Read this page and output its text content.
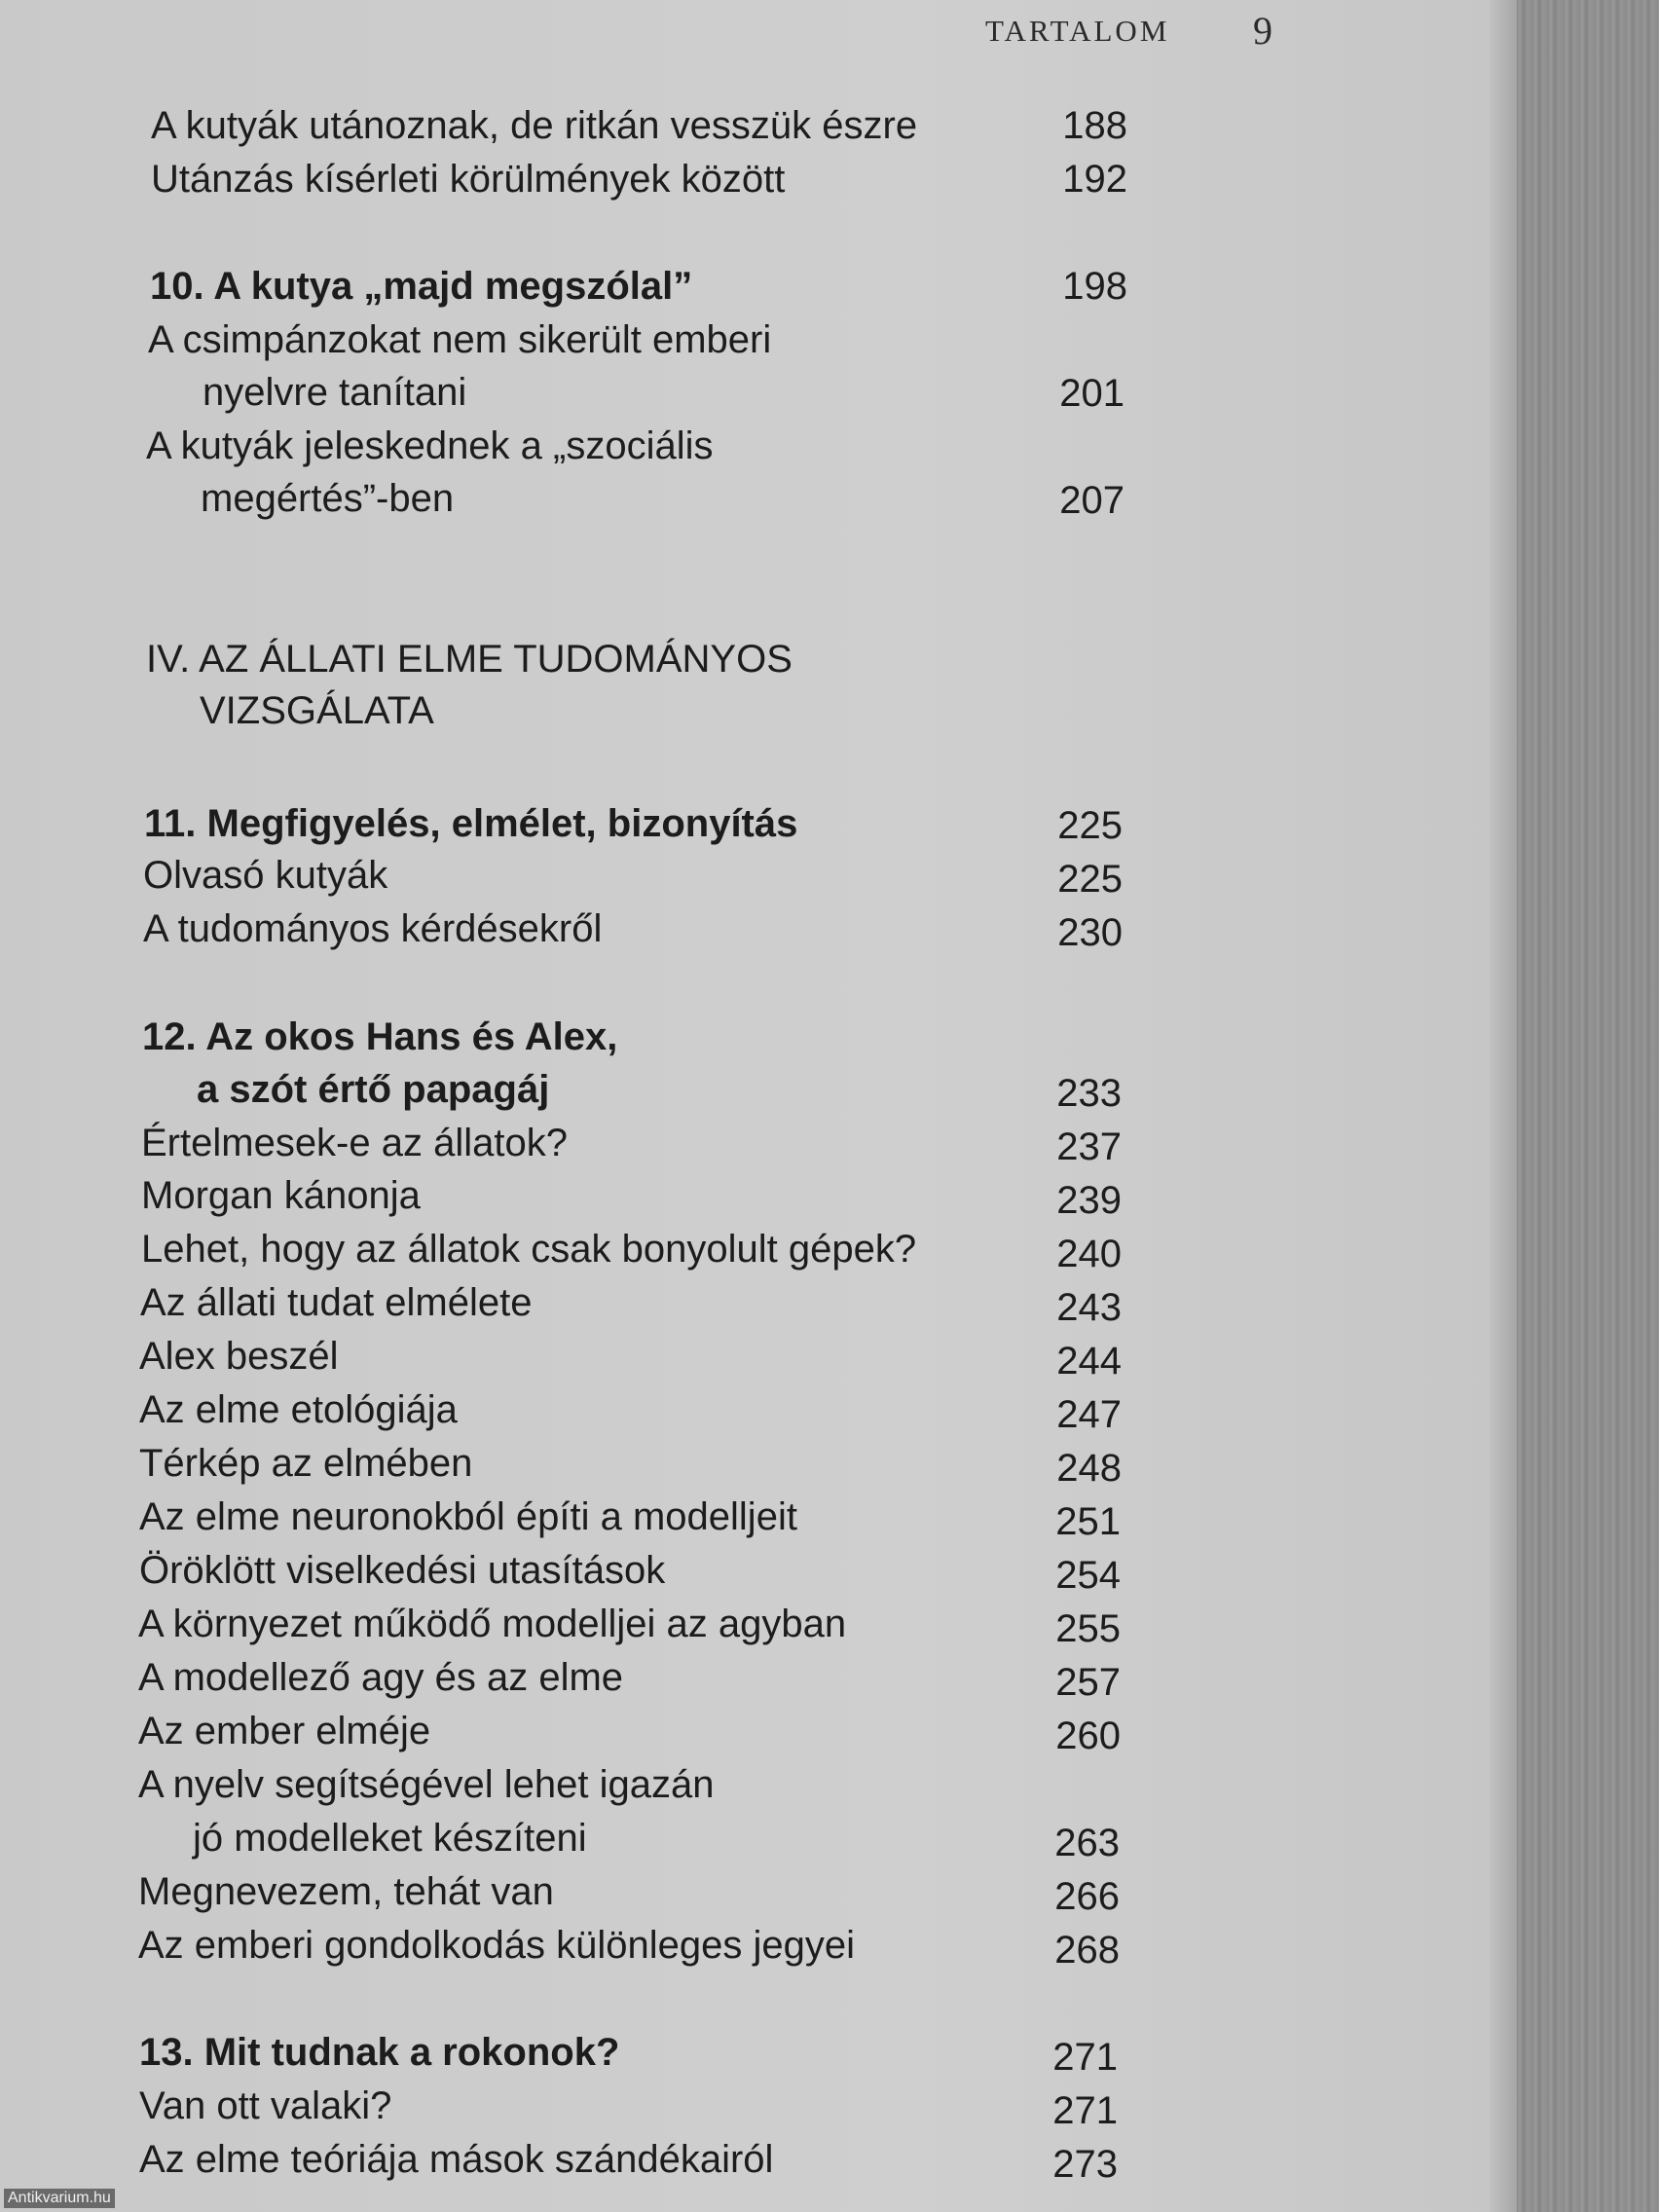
TARTALOM 9
A kutyák utánoznak, de ritkán vesszük észre	188
Utánzás kísérleti körülmények között	192
10. A kutya „majd megszólal”	198
A csimpánzokat nem sikerült emberi
nyelvre tanítani	201
A kutyák jeleskednek a „szociális
megértés”-ben	207
IV. AZ ÁLLATI ELME TUDOMÁNYOS
VIZSGÁLATA
11. Megfigyelés, elmélet, bizonyítás	225
Olvasó kutyák	225
A tudományos kérdésekről	230
12. Az okos Hans és Alex,
a szót értő papagáj	233
Értelmesek-e az állatok?	237
Morgan kánonja	239
Lehet, hogy az állatok csak bonyolult gépek?	240
Az állati tudat elmélete	243
Alex beszél	244
Az elme etológiája	247
Térkép az elmében	248
Az elme neuronokból építi a modelljeit	251
Öröklött viselkedési utasítások	254
A környezet működő modelljei az agyban	255
A modellező agy és az elme	257
Az ember elméje	260
A nyelv segítségével lehet igazán
jó modelleket készíteni	263
Megnevezem, tehát van	266
Az emberi gondolkodás különleges jegyei	268
13. Mit tudnak a rokonok?	271
Van ott valaki?	271
Az elme teóriája mások szándékairól	273
Antikvarium.hu
